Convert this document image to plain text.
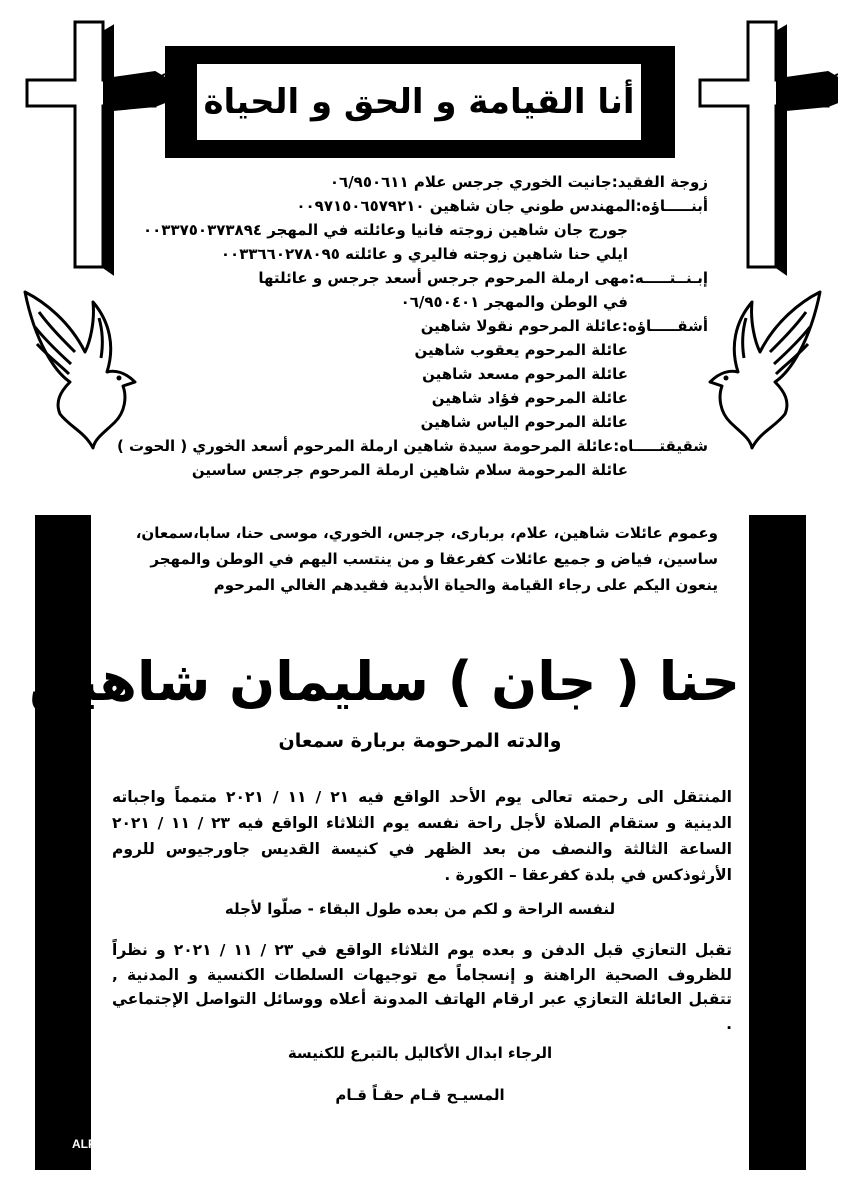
أنا القيامة و الحق و الحياة
زوجة الفقيد:جانيت الخوري جرجس علام ٠٦/٩٥٠٦١١
أبنـــــاؤه:المهندس طوني جان شاهين ٠٠٩٧١٥٠٦٥٧٩٢١٠
جورج جان شاهين زوجته فانيا وعائلته في المهجر ٠٠٣٣٧٥٠٣٧٣٨٩٤
ايلي حنا شاهين زوجته فاليري و عائلته ٠٠٣٣٦٦٠٢٧٨٠٩٥
إبـنــتـــــه:مهى ارملة المرحوم جرجس أسعد جرجس و عائلتها
في الوطن والمهجر ٠٦/٩٥٠٤٠١
أشقـــــاؤه:عائلة المرحوم نقولا شاهين
عائلة المرحوم يعقوب شاهين
عائلة المرحوم مسعد شاهين
عائلة المرحوم فؤاد شاهين
عائلة المرحوم الياس شاهين
شقيقتـــــاه:عائلة المرحومة سيدة شاهين ارملة المرحوم أسعد الخوري ( الحوت )
عائلة المرحومة سلام شاهين ارملة المرحوم جرجس ساسين
وعموم عائلات شاهين، علام، بربارى، جرجس، الخوري، موسى حنا، سابا،سمعان، ساسين، فياض و جميع عائلات كفرعقا و من ينتسب اليهم في الوطن والمهجر ينعون اليكم على رجاء القيامة والحياة الأبدية فقيدهم الغالي المرحوم
حنا ( جان ) سليمان شاهين
والدته المرحومة بربارة سمعان
المنتقل الى رحمته تعالى يوم الأحد الواقع فيه ٢١ / ١١ / ٢٠٢١ متمماً واجباته الدينية و ستقام الصلاة لأجل راحة نفسه يوم الثلاثاء الواقع فيه ٢٣ / ١١ / ٢٠٢١ الساعة الثالثة والنصف من بعد الظهر في كنيسة القديس جاورجيوس للروم الأرثوذكس في بلدة كفرعقا – الكورة .
لنفسه الراحة و لكم من بعده طول البقاء - صلّوا لأجله
تقبل التعازي قبل الدفن و بعده يوم الثلاثاء الواقع في ٢٣ / ١١ / ٢٠٢١ و نظراً للظروف الصحية الراهنة و إنسجاماً مع توجيهات السلطات الكنسية و المدنية , تتقبل العائلة التعازي عبر ارقام الهاتف المدونة أعلاه ووسائل التواصل الإجتماعي .
الرجاء ابدال الأكاليل بالتبرع للكنيسة
المسيـح قـام حقـاً قـام
ALFASSIH 03 300 925
